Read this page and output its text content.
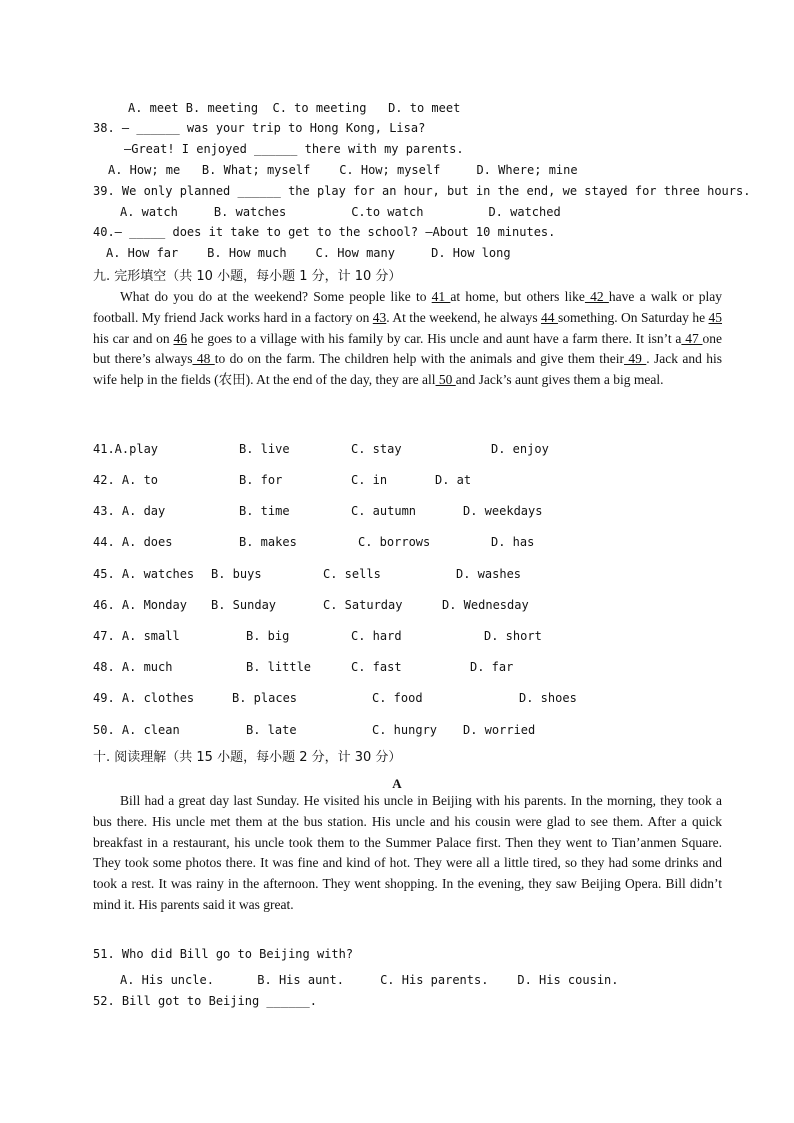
A. meet B. meeting  C. to meeting   D. to meet
38. — ______ was your trip to Hong Kong, Lisa?
—Great! I enjoyed ______ there with my parents.
A. How; me   B. What; myself    C. How; myself     D. Where; mine
39. We only planned ______ the play for an hour, but in the end, we stayed for three hours.
A. watch     B. watches         C.to watch         D. watched
40.— _____ does it take to get to the school? —About 10 minutes.
A. How far    B. How much    C. How many     D. How long
九. 完形填空（共 10 小题，每小题 1 分，计 10 分）
What do you do at the weekend? Some people like to 41 at home, but others like 42 have a walk or play football. My friend Jack works hard in a factory on 43. At the weekend, he always 44 something. On Saturday he 45 his car and on 46 he goes to a village with his family by car. His uncle and aunt have a farm there. It isn’t a 47 one but there’s always 48 to do on the farm. The children help with the animals and give them their 49 . Jack and his wife help in the fields (农田). At the end of the day, they are all 50 and Jack’s aunt gives them a big meal.
41.A.play	B. live	C. stay	D. enjoy
42. A. to	B. for	C. in	D. at
43. A. day	B. time	C. autumn	D. weekdays
44. A. does	B. makes	C. borrows	D. has
45. A. watches B. buys	C. sells	D. washes
46. A. Monday B. Sunday	C. Saturday	D. Wednesday
47. A. small	B. big	C. hard	D. short
48. A. much	B. little	C. fast	D. far
49. A. clothes	B. places	C. food	D. shoes
50. A. clean	B. late	C. hungry D. worried
十. 阅读理解（共 15 小题，每小题 2 分，计 30 分）
A
Bill had a great day last Sunday. He visited his uncle in Beijing with his parents. In the morning, they took a bus there. His uncle met them at the bus station. His uncle and his cousin were glad to see them. After a quick breakfast in a restaurant, his uncle took them to the Summer Palace first. Then they went to Tian’anmen Square. They took some photos there. It was fine and kind of hot. They were all a little tired, so they had some drinks and took a rest. It was rainy in the afternoon. They went shopping. In the evening, they saw Beijing Opera. Bill didn’t mind it. His parents said it was great.
51. Who did Bill go to Beijing with?
A. His uncle.      B. His aunt.     C. His parents.    D. His cousin.
52. Bill got to Beijing ______.
